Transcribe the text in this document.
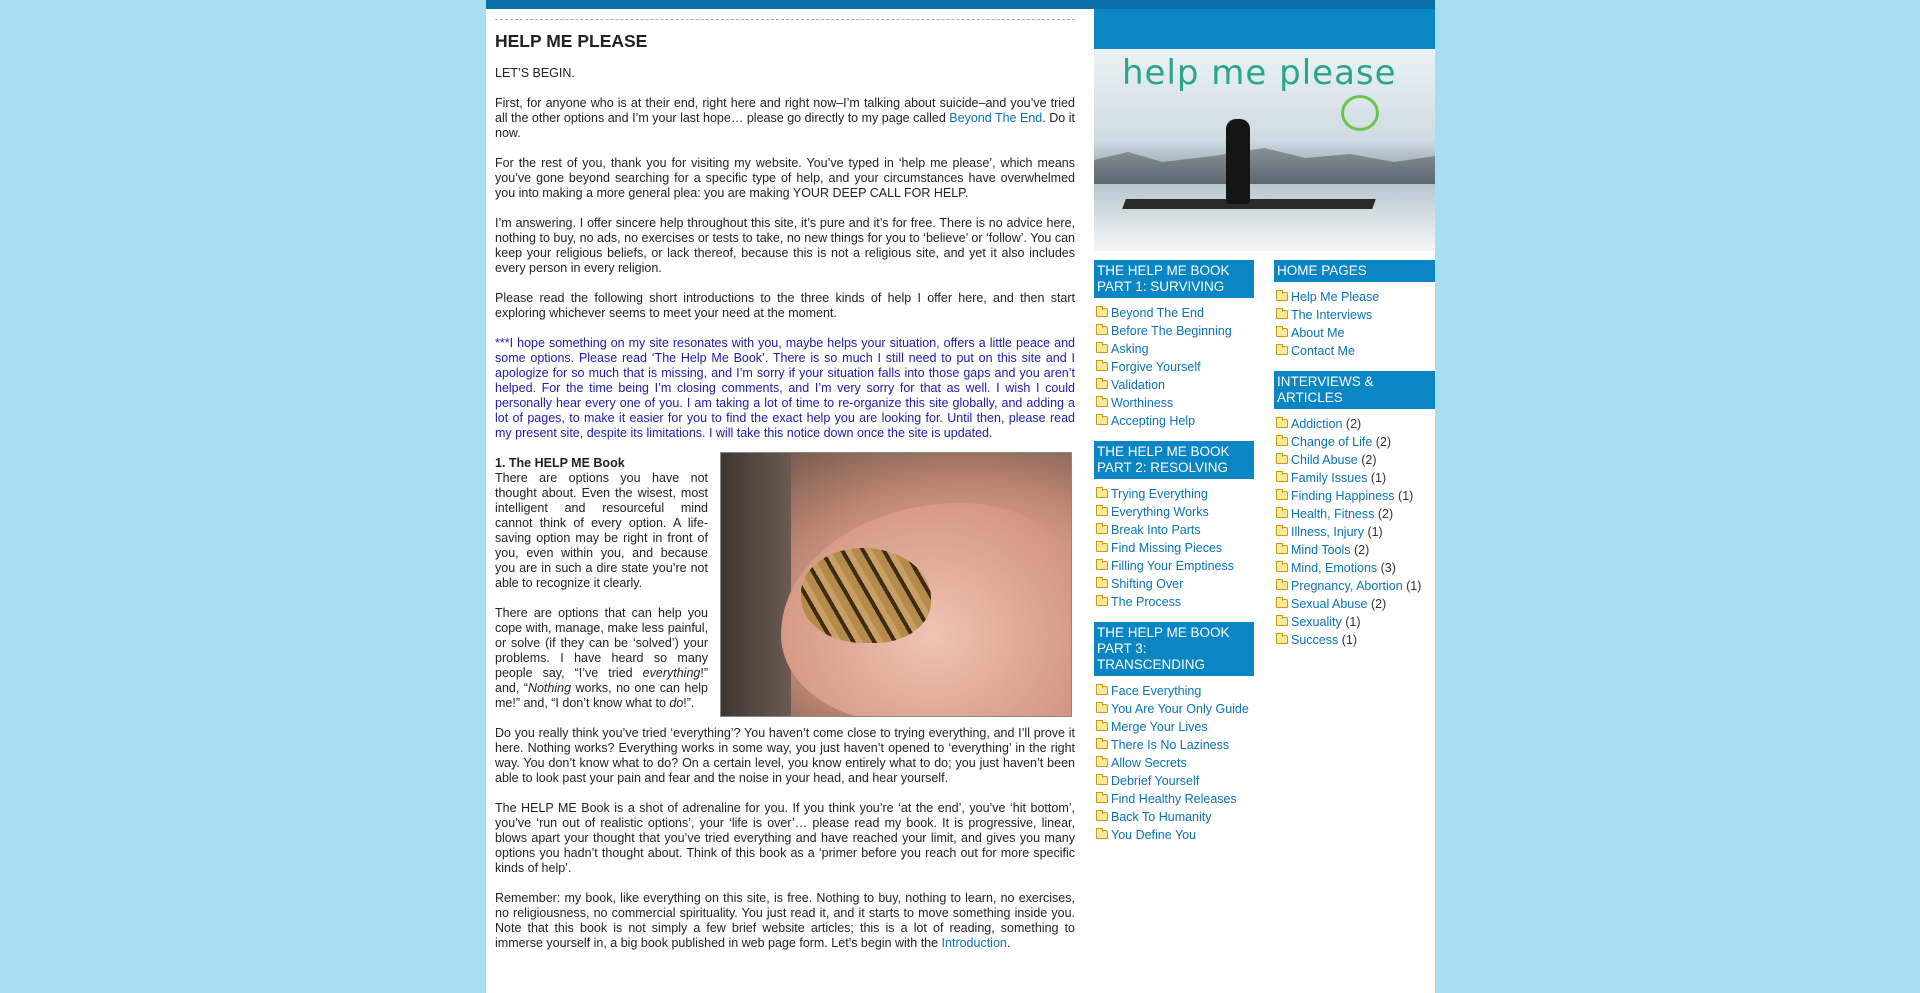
HELP ME PLEASE

LET’S BEGIN.

First, for anyone who is at their end, right here and right now–I’m talking about suicide–and you’ve tried all the other options and I’m your last hope… please go directly to my page called Beyond The End. Do it now.

For the rest of you, thank you for visiting my website. You’ve typed in ‘help me please’, which means you’ve gone beyond searching for a specific type of help, and your circumstances have overwhelmed you into making a more general plea: you are making YOUR DEEP CALL FOR HELP.

I’m answering. I offer sincere help throughout this site, it’s pure and it’s for free. There is no advice here, nothing to buy, no ads, no exercises or tests to take, no new things for you to ‘believe’ or ‘follow’. You can keep your religious beliefs, or lack thereof, because this is not a religious site, and yet it also includes every person in every religion.

Please read the following short introductions to the three kinds of help I offer here, and then start exploring whichever seems to meet your need at the moment.

***I hope something on my site resonates with you, maybe helps your situation, offers a little peace and some options. Please read ‘The Help Me Book’. There is so much I still need to put on this site and I apologize for so much that is missing, and I’m sorry if your situation falls into those gaps and you aren’t helped. For the time being I’m closing comments, and I’m very sorry for that as well. I wish I could personally hear every one of you. I am taking a lot of time to re-organize this site globally, and adding a lot of pages, to make it easier for you to find the exact help you are looking for. Until then, please read my present site, despite its limitations. I will take this notice down once the site is updated.

1. The HELP ME Book
There are options you have not thought about. Even the wisest, most intelligent and resourceful mind cannot think of every option. A life-saving option may be right in front of you, even within you, and because you are in such a dire state you’re not able to recognize it clearly.

There are options that can help you cope with, manage, make less painful, or solve (if they can be ‘solved’) your problems. I have heard so many people say, “I’ve tried everything!” and, “Nothing works, no one can help me!” and, “I don’t know what to do!”.

Do you really think you’ve tried ‘everything’? You haven’t come close to trying everything, and I’ll prove it here. Nothing works? Everything works in some way, you just haven’t opened to ‘everything’ in the right way. You don’t know what to do? On a certain level, you know entirely what to do; you just haven’t been able to look past your pain and fear and the noise in your head, and hear yourself.

The HELP ME Book is a shot of adrenaline for you. If you think you’re ‘at the end’, you’ve ‘hit bottom’, you’ve ‘run out of realistic options’, your ‘life is over’… please read my book. It is progressive, linear, blows apart your thought that you’ve tried everything and have reached your limit, and gives you many options you hadn’t thought about. Think of this book as a ‘primer before you reach out for more specific kinds of help’.

Remember: my book, like everything on this site, is free. Nothing to buy, nothing to learn, no exercises, no religiousness, no commercial spirituality. You just read it, and it starts to move something inside you. Note that this book is not simply a few brief website articles; this is a lot of reading, something to immerse yourself in, a big book published in web page form. Let’s begin with the Introduction.

help me please
THE HELP ME BOOK PART 1: SURVIVING
Beyond The End
Before The Beginning
Asking
Forgive Yourself
Validation
Worthiness
Accepting Help
THE HELP ME BOOK PART 2: RESOLVING
Trying Everything
Everything Works
Break Into Parts
Find Missing Pieces
Filling Your Emptiness
Shifting Over
The Process
THE HELP ME BOOK PART 3: TRANSCENDING
Face Everything
You Are Your Only Guide
Merge Your Lives
There Is No Laziness
Allow Secrets
Debrief Yourself
Find Healthy Releases
Back To Humanity
You Define You
HOME PAGES
Help Me Please
The Interviews
About Me
Contact Me
INTERVIEWS & ARTICLES
Addiction (2)
Change of Life (2)
Child Abuse (2)
Family Issues (1)
Finding Happiness (1)
Health, Fitness (2)
Illness, Injury (1)
Mind Tools (2)
Mind, Emotions (3)
Pregnancy, Abortion (1)
Sexual Abuse (2)
Sexuality (1)
Success (1)
